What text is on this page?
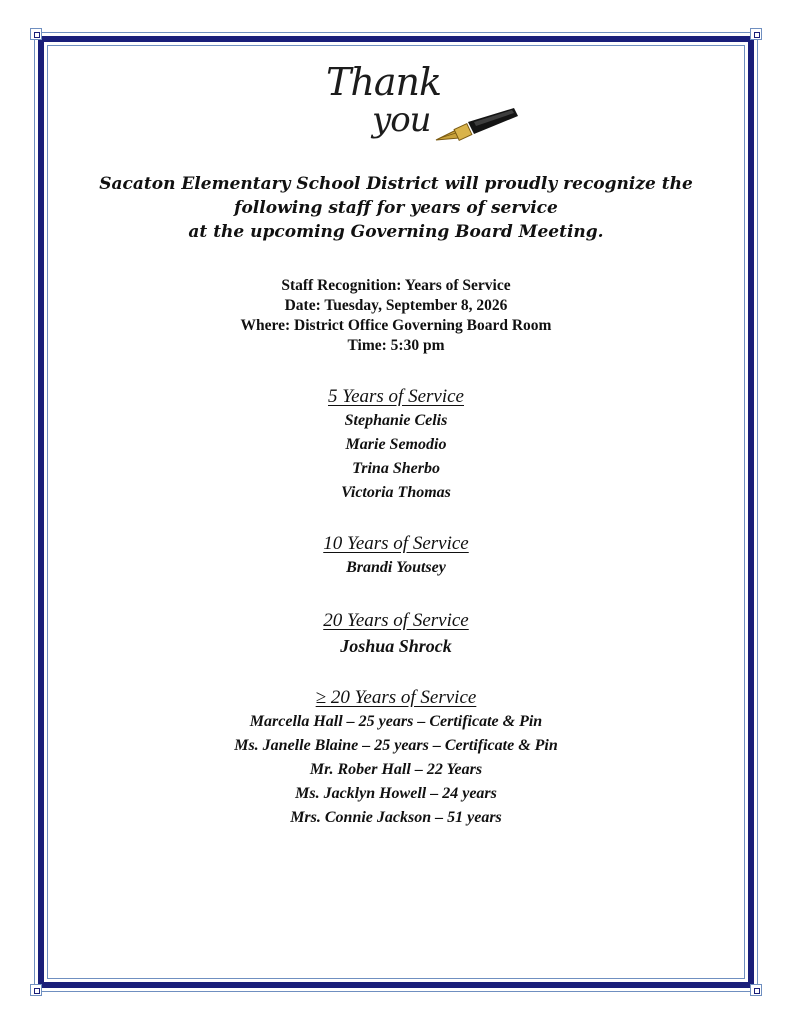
Thank
you
Sacaton Elementary School District will proudly recognize the
following staff for years of service
at the upcoming Governing Board Meeting.
Staff Recognition: Years of Service
Date: Tuesday, September 8, 2026
Where: District Office Governing Board Room
Time: 5:30 pm
5 Years of Service
Stephanie Celis
Marie Semodio
Trina Sherbo
Victoria Thomas
10 Years of Service
Brandi Youtsey
20 Years of Service
Joshua Shrock
≥ 20 Years of Service
Marcella Hall – 25 years – Certificate & Pin
Ms. Janelle Blaine – 25 years – Certificate & Pin
Mr. Rober Hall – 22 Years
Ms. Jacklyn Howell – 24 years
Mrs. Connie Jackson – 51 years
